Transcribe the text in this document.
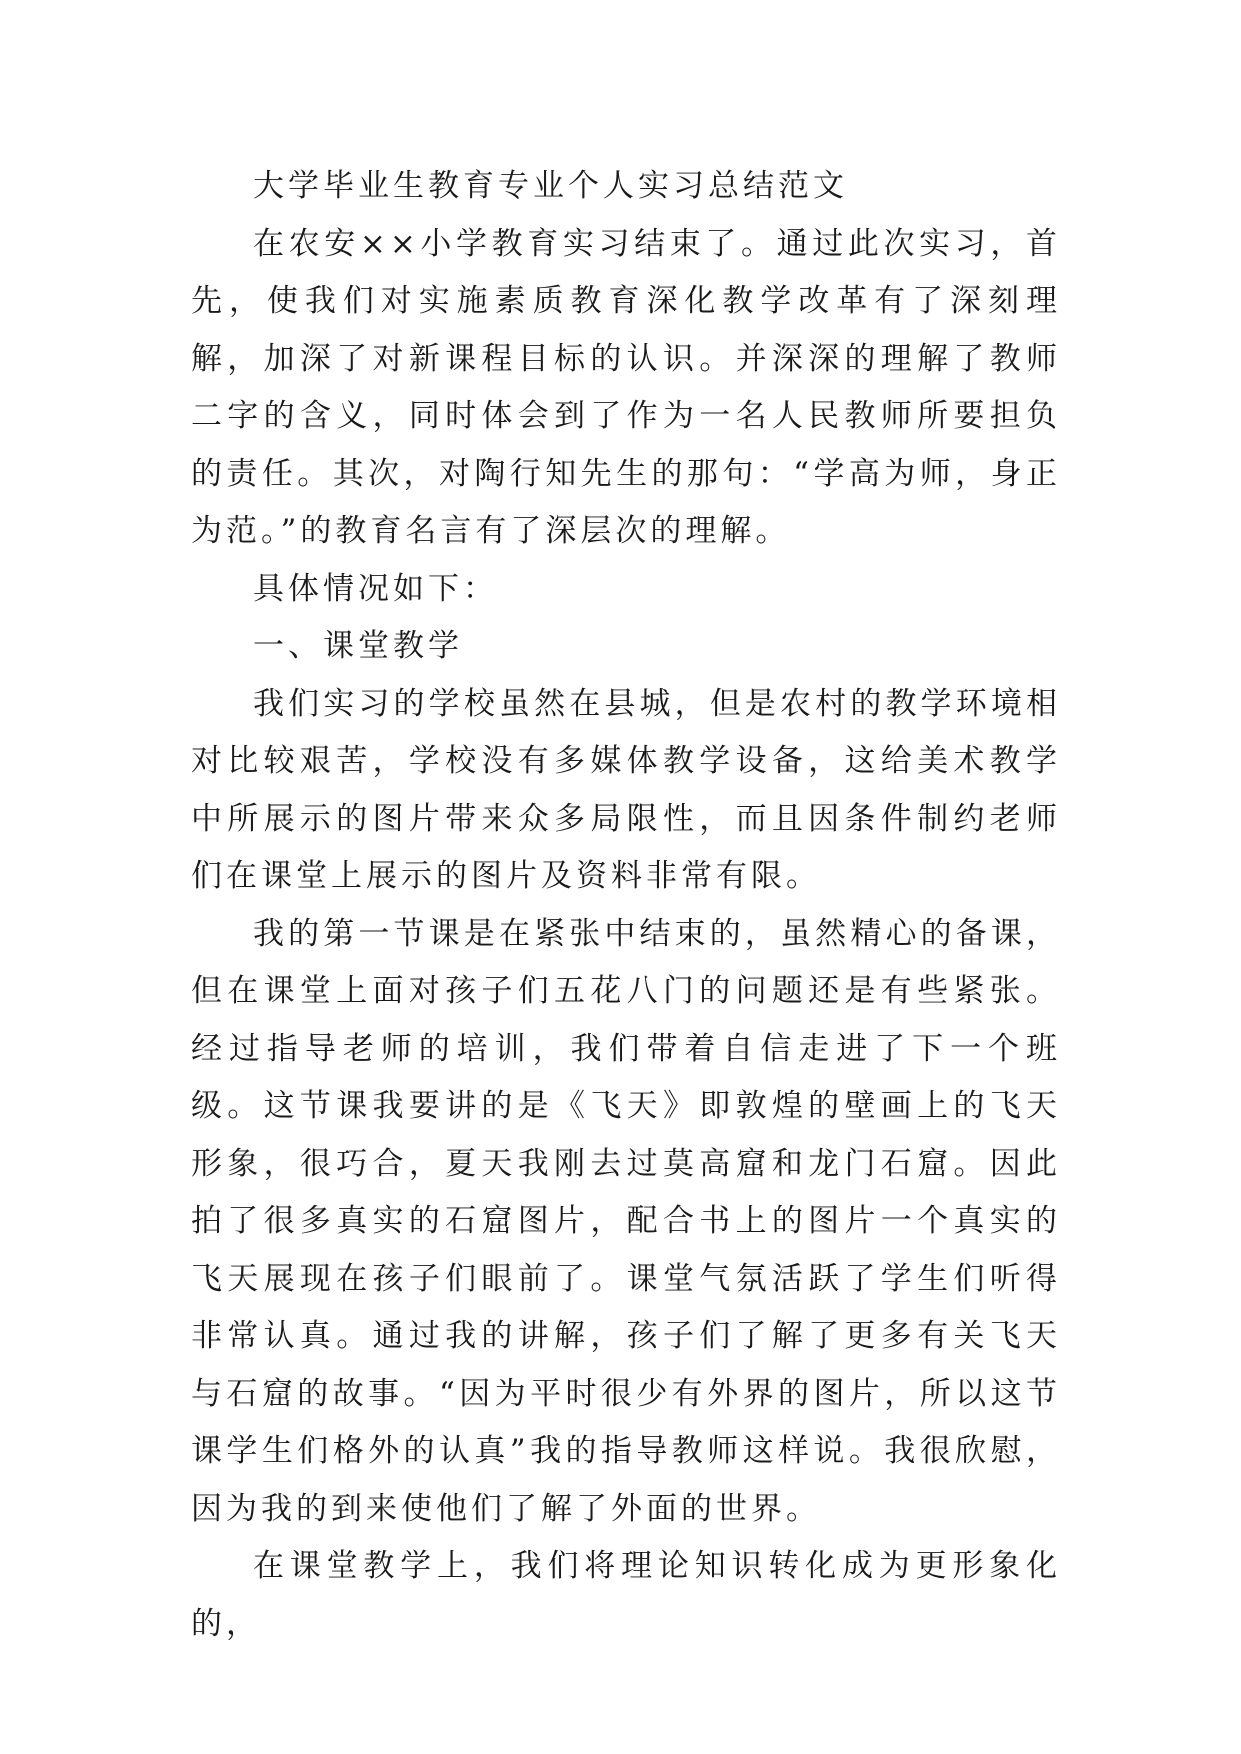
大学毕业生教育专业个人实习总结范文

在农安××小学教育实习结束了。通过此次实习，首先，使我们对实施素质教育深化教学改革有了深刻理解，加深了对新课程目标的认识。并深深的理解了教师二字的含义，同时体会到了作为一名人民教师所要担负的责任。其次，对陶行知先生的那句：“学高为师，身正为范。”的教育名言有了深层次的理解。

具体情况如下：

一、课堂教学

我们实习的学校虽然在县城，但是农村的教学环境相对比较艰苦，学校没有多媒体教学设备，这给美术教学中所展示的图片带来众多局限性，而且因条件制约老师们在课堂上展示的图片及资料非常有限。

我的第一节课是在紧张中结束的，虽然精心的备课，但在课堂上面对孩子们五花八门的问题还是有些紧张。经过指导老师的培训，我们带着自信走进了下一个班级。这节课我要讲的是《飞天》即敦煌的壁画上的飞天形象，很巧合，夏天我刚去过莫高窟和龙门石窟。因此拍了很多真实的石窟图片，配合书上的图片一个真实的飞天展现在孩子们眼前了。课堂气氛活跃了学生们听得非常认真。通过我的讲解，孩子们了解了更多有关飞天与石窟的故事。“因为平时很少有外界的图片，所以这节课学生们格外的认真”我的指导教师这样说。我很欣慰，因为我的到来使他们了解了外面的世界。

在课堂教学上，我们将理论知识转化成为更形象化的，
